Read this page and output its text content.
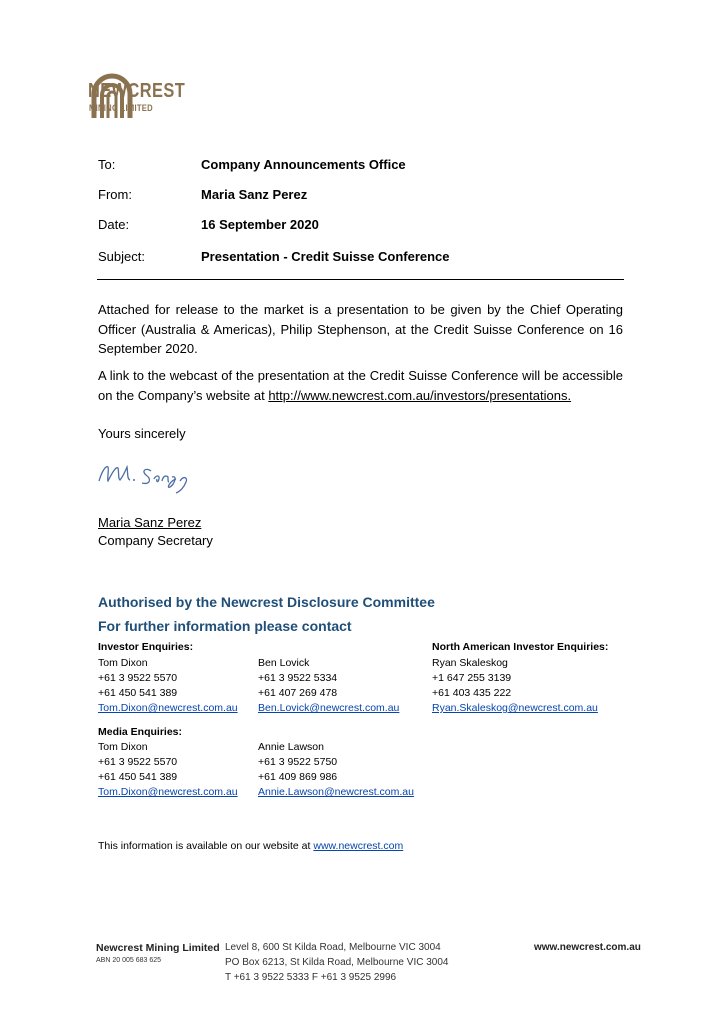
NEWCREST
MINING LIMITED
To:	Company Announcements Office
From:	Maria Sanz Perez
Date:	16 September 2020
Subject:	Presentation - Credit Suisse Conference
Attached for release to the market is a presentation to be given by the Chief Operating Officer (Australia & Americas), Philip Stephenson, at the Credit Suisse Conference on 16 September 2020.
A link to the webcast of the presentation at the Credit Suisse Conference will be accessible on the Company’s website at http://www.newcrest.com.au/investors/presentations.
Yours sincerely
Maria Sanz Perez
Company Secretary
Authorised by the Newcrest Disclosure Committee
For further information please contact
Investor Enquiries:
Tom Dixon
+61 3 9522 5570
+61 450 541 389
Tom.Dixon@newcrest.com.au
Ben Lovick
+61 3 9522 5334
+61 407 269 478
Ben.Lovick@newcrest.com.au
North American Investor Enquiries:
Ryan Skaleskog
+1 647 255 3139
+61 403 435 222
Ryan.Skaleskog@newcrest.com.au
Media Enquiries:
Tom Dixon
+61 3 9522 5570
+61 450 541 389
Tom.Dixon@newcrest.com.au
Annie Lawson
+61 3 9522 5750
+61 409 869 986
Annie.Lawson@newcrest.com.au
This information is available on our website at www.newcrest.com
Newcrest Mining Limited
ABN 20 005 683 625
Level 8, 600 St Kilda Road, Melbourne VIC 3004
PO Box 6213, St Kilda Road, Melbourne VIC 3004
T +61 3 9522 5333 F +61 3 9525 2996
www.newcrest.com.au
